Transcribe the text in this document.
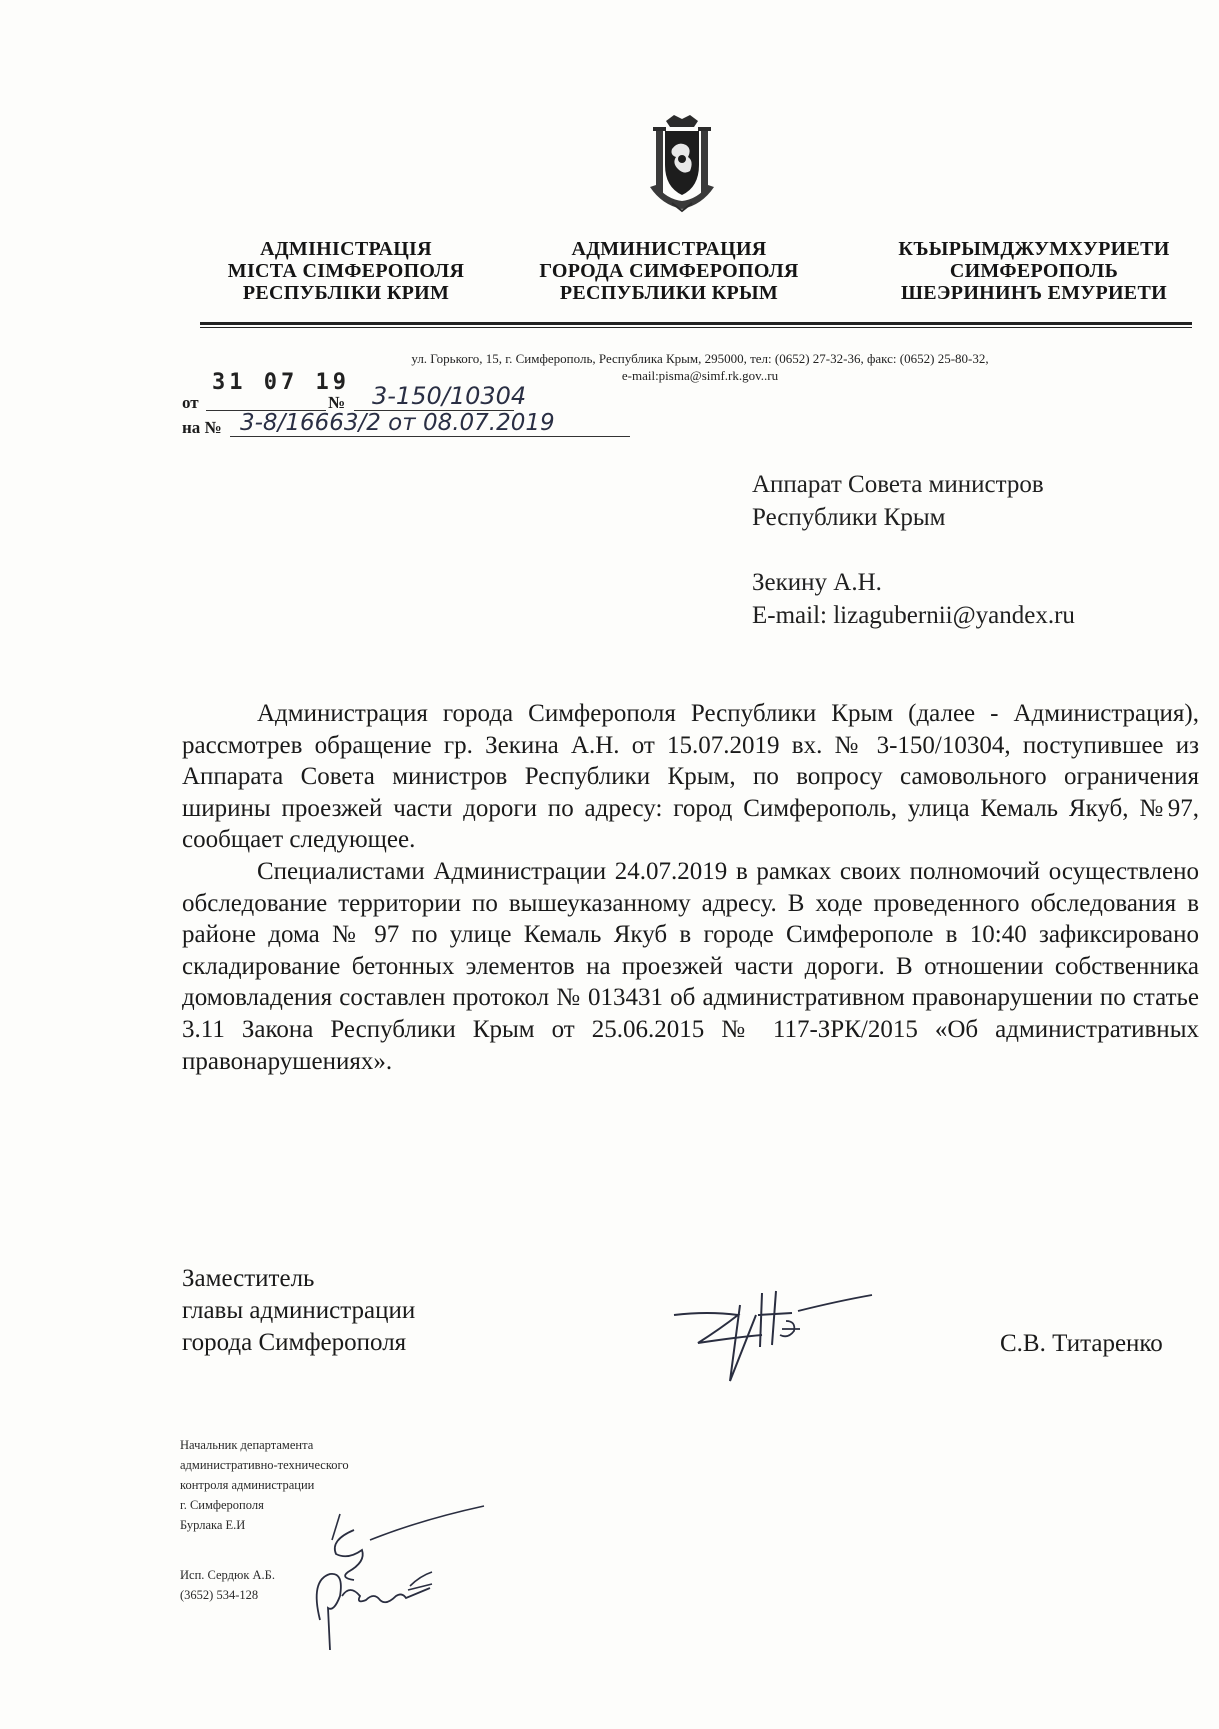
АДМІНІСТРАЦІЯ
МІСТА СІМФЕРОПОЛЯ
РЕСПУБЛІКИ КРИМ
АДМИНИСТРАЦИЯ
ГОРОДА СИМФЕРОПОЛЯ
РЕСПУБЛИКИ КРЫМ
КЪЫРЫМДЖУМХУРИЕТИ
СИМФЕРОПОЛЬ
ШЕЭРИНИНЪ ЕМУРИЕТИ
ул. Горького, 15, г. Симферополь, Республика Крым, 295000, тел: (0652) 27-32-36, факс: (0652) 25-80-32,
e-mail:pisma@simf.rk.gov..ru
от
31 07 19
№ 3-150/10304
на № 3-8/16663/2 от 08.07.2019
Аппарат Совета министров
Республики Крым
Зекину А.Н.
E-mail: lizagubernii@yandex.ru

Администрация города Симферополя Республики Крым (далее - Администрация), рассмотрев обращение гр. Зекина А.Н. от 15.07.2019 вх. № 3-150/10304, поступившее из Аппарата Совета министров Республики Крым, по вопросу самовольного ограничения ширины проезжей части дороги по адресу: город Симферополь, улица Кемаль Якуб, №97, сообщает следующее.

Специалистами Администрации 24.07.2019 в рамках своих полномочий осуществлено обследование территории по вышеуказанному адресу. В ходе проведенного обследования в районе дома № 97 по улице Кемаль Якуб в городе Симферополе в 10:40 зафиксировано складирование бетонных элементов на проезжей части дороги. В отношении собственника домовладения составлен протокол № 013431 об административном правонарушении по статье 3.11 Закона Республики Крым от 25.06.2015 № 117-ЗРК/2015 «Об административных правонарушениях».

Заместитель
главы администрации
города Симферополя	С.В. Титаренко
Начальник департамента
административно-технического
контроля администрации
г. Симферополя
Бурлака Е.И
Исп. Сердюк А.Б.
(3652) 534-128
